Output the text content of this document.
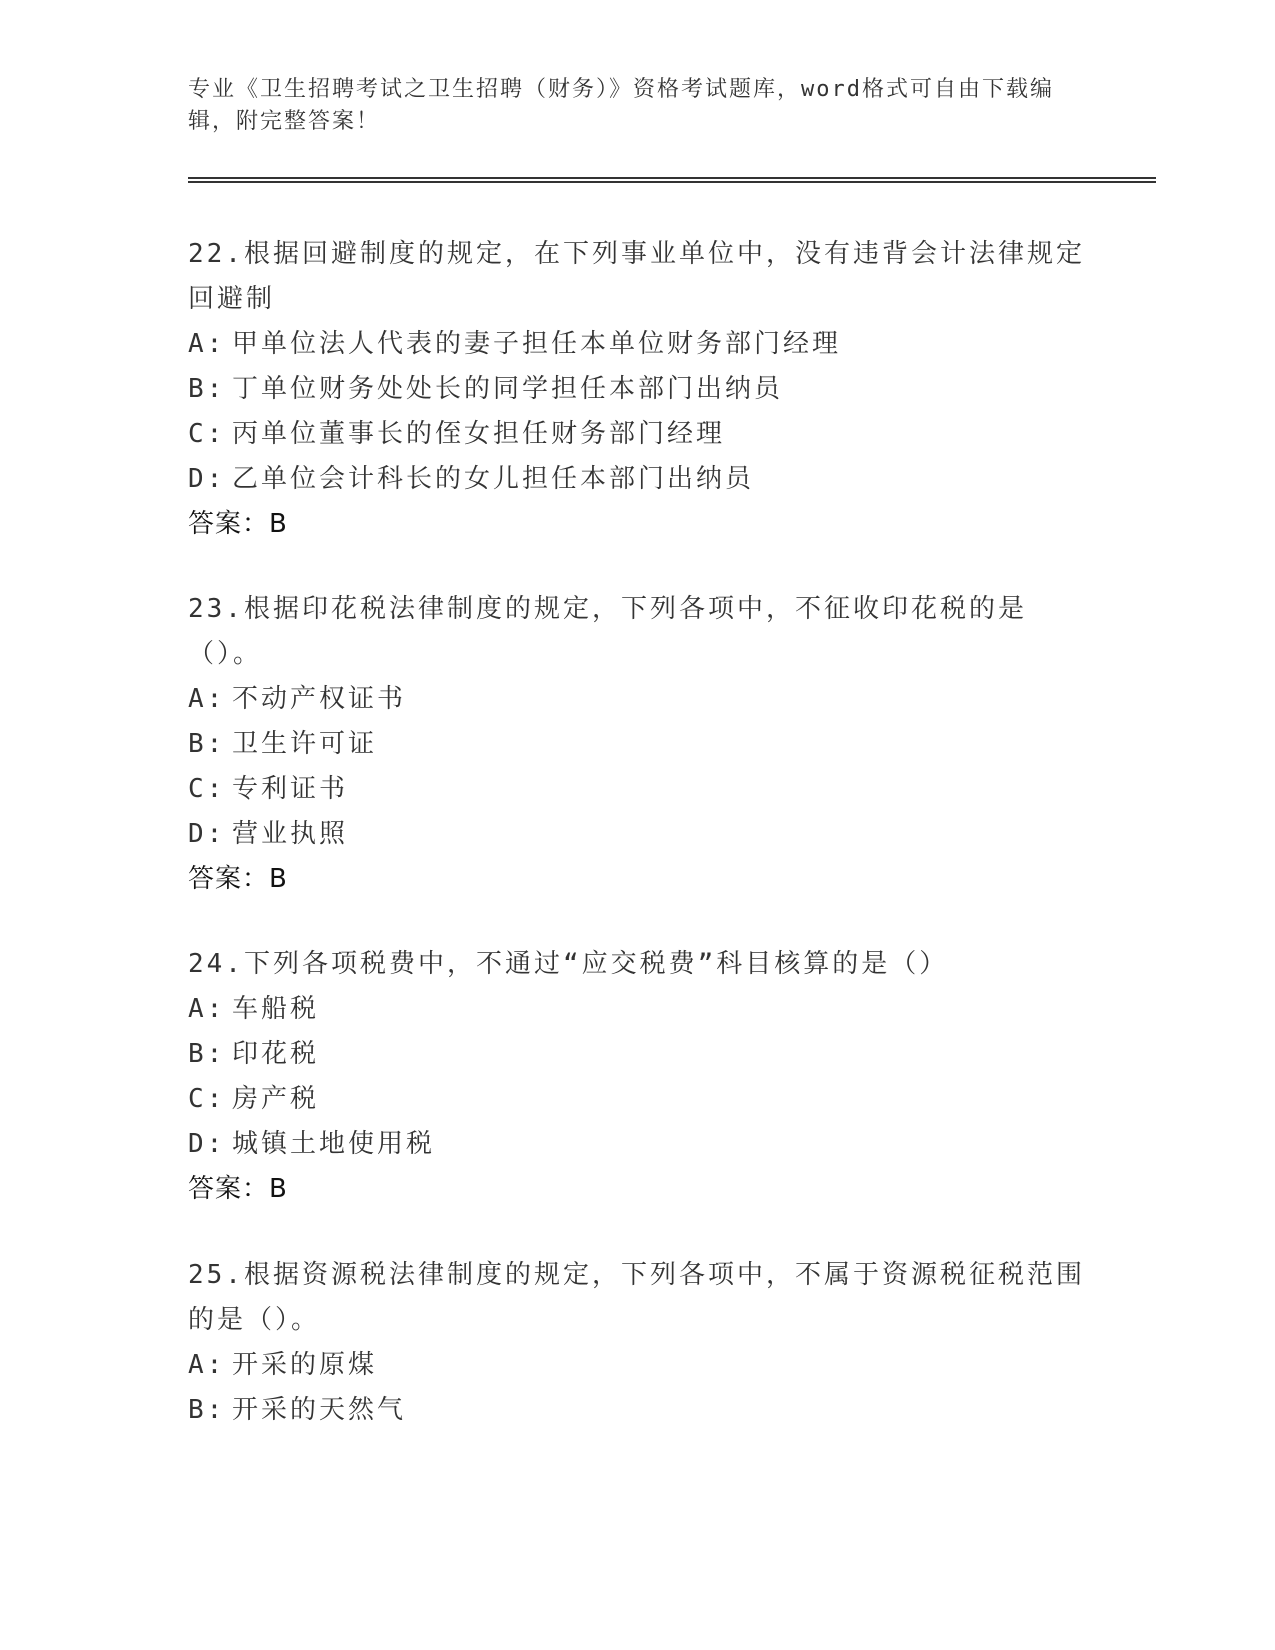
专业《卫生招聘考试之卫生招聘（财务）》资格考试题库，word格式可自由下载编辑，附完整答案！
22.根据回避制度的规定，在下列事业单位中，没有违背会计法律规定回避制
A: 甲单位法人代表的妻子担任本单位财务部门经理
B: 丁单位财务处处长的同学担任本部门出纳员
C: 丙单位董事长的侄女担任财务部门经理
D: 乙单位会计科长的女儿担任本部门出纳员
答案：B
23.根据印花税法律制度的规定，下列各项中，不征收印花税的是（）。
A: 不动产权证书
B: 卫生许可证
C: 专利证书
D: 营业执照
答案：B
24.下列各项税费中，不通过“应交税费”科目核算的是（）
A: 车船税
B: 印花税
C: 房产税
D: 城镇土地使用税
答案：B
25.根据资源税法律制度的规定，下列各项中，不属于资源税征税范围的是（）。
A: 开采的原煤
B: 开采的天然气
